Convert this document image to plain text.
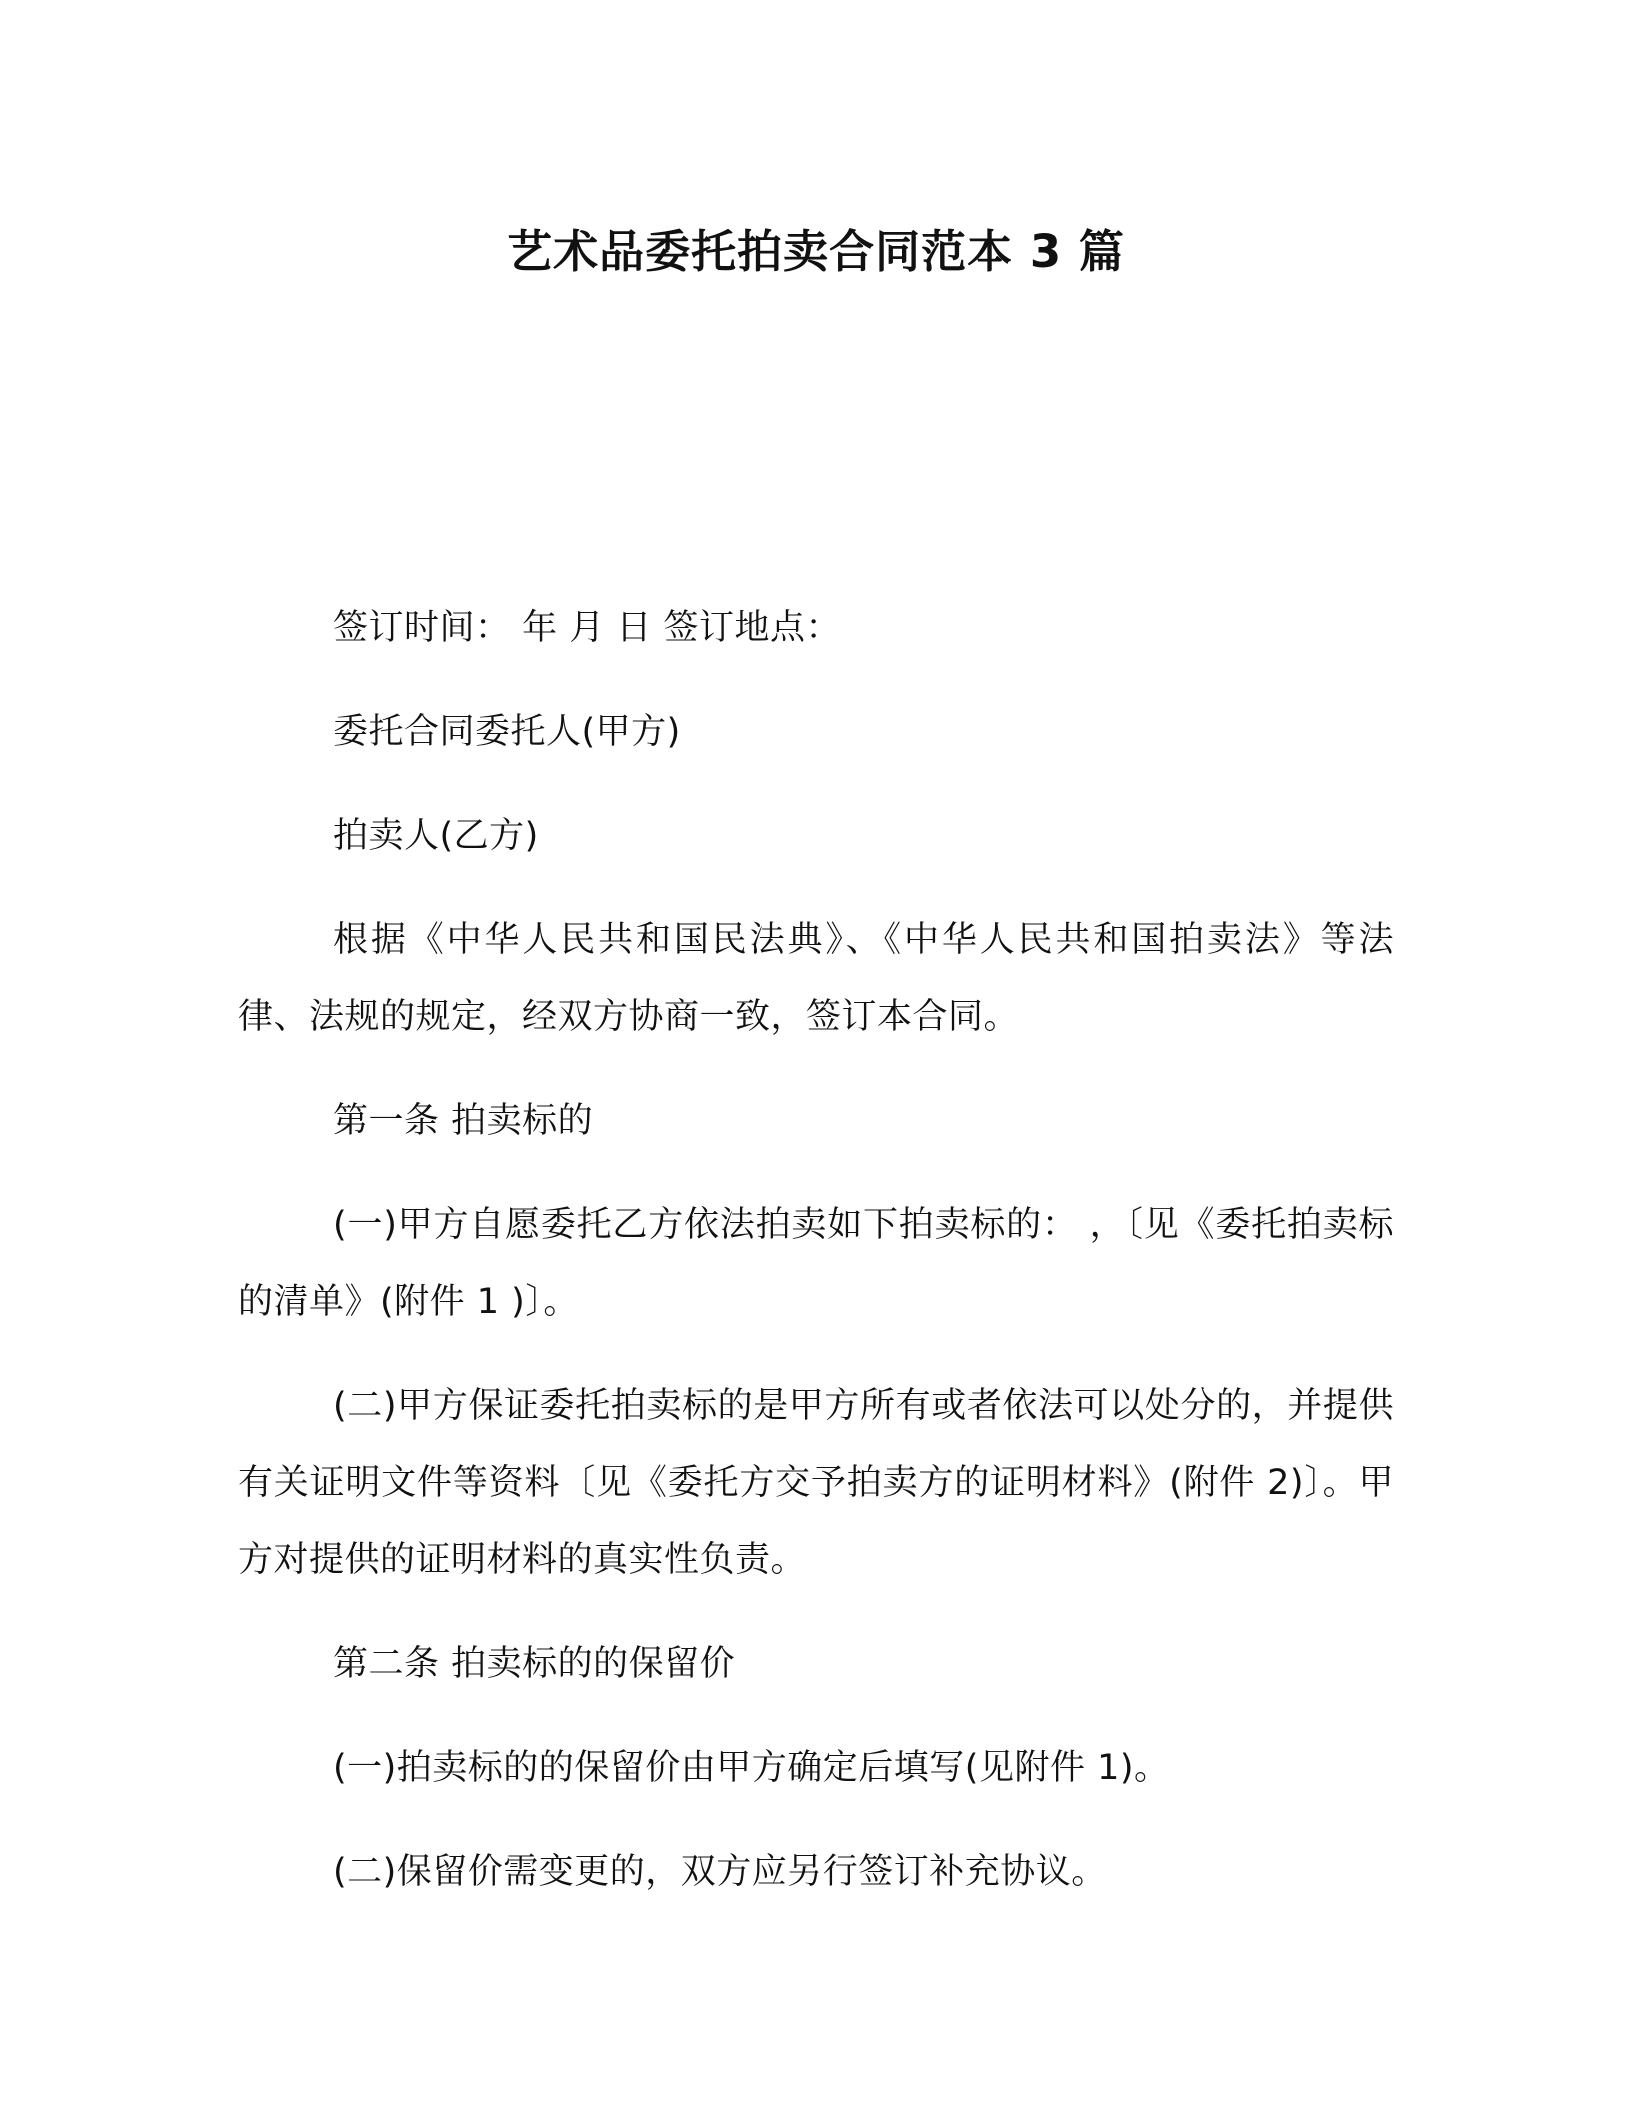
艺术品委托拍卖合同范本 3 篇

签订时间： 年 月 日 签订地点：

委托合同委托人(甲方)

拍卖人(乙方)

根据《中华人民共和国民法典》、《中华人民共和国拍卖法》等法律、法规的规定，经双方协商一致，签订本合同。

第一条 拍卖标的

(一)甲方自愿委托乙方依法拍卖如下拍卖标的： ，〔见《委托拍卖标的清单》(附件 1 )〕。

(二)甲方保证委托拍卖标的是甲方所有或者依法可以处分的，并提供有关证明文件等资料〔见《委托方交予拍卖方的证明材料》(附件 2)〕。甲方对提供的证明材料的真实性负责。

第二条 拍卖标的的保留价

(一)拍卖标的的保留价由甲方确定后填写(见附件 1)。

(二)保留价需变更的，双方应另行签订补充协议。
